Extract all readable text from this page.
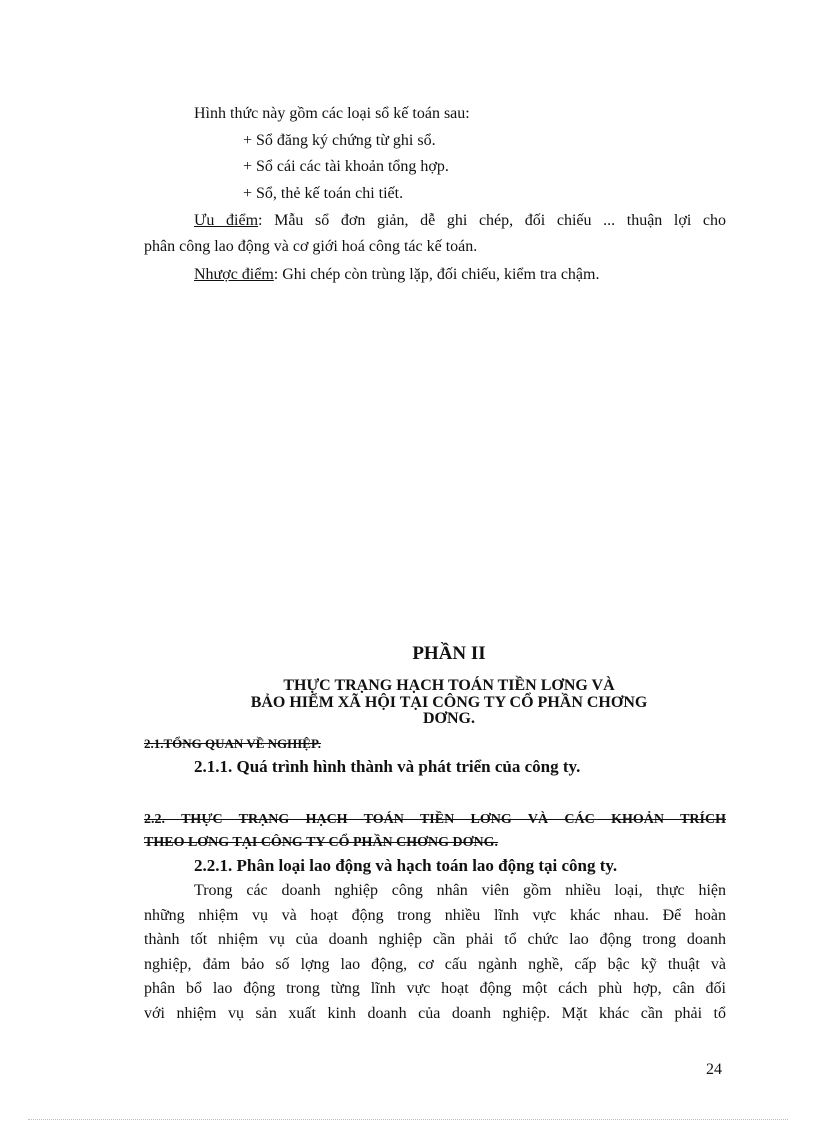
Hình thức này gồm các loại sổ kế toán sau:
+ Sổ đăng ký chứng từ ghi sổ.
+ Sổ cái các tài khoản tổng hợp.
+ Sổ, thẻ kế toán chi tiết.
Ưu điểm: Mẫu sổ đơn giản, dễ ghi chép, đối chiếu ... thuận lợi cho
phân công lao động và cơ giới hoá công tác kế toán.
Nhược điểm: Ghi chép còn trùng lặp, đối chiếu, kiểm tra chậm.
PHẦN II
THỰC TRẠNG HẠCH TOÁN TIỀN LƠNG VÀ
BẢO HIỂM XÃ HỘI TẠI CÔNG TY CỔ PHẦN CHƠNG
DƠNG.
2.1.TỔNG QUAN VỀ NGHIỆP.
2.1.1. Quá trình hình thành và phát triển của công ty.
2.2. THỰC TRẠNG HẠCH TOÁN TIỀN LƠNG VÀ CÁC KHOẢN TRÍCH
THEO LƠNG TẠI CÔNG TY CỔ PHẦN CHƠNG DƠNG.
2.2.1. Phân loại lao động và hạch toán lao động tại công ty.
Trong các doanh nghiệp công nhân viên gồm nhiều loại, thực hiện
những nhiệm vụ và hoạt động trong nhiều lĩnh vực khác nhau. Để hoàn
thành tốt nhiệm vụ của doanh nghiệp cần phải tổ chức lao động trong doanh
nghiệp, đảm bảo số lợng lao động, cơ cấu ngành nghề, cấp bậc kỹ thuật và
phân bổ lao động trong từng lĩnh vực hoạt động một cách phù hợp, cân đối
với nhiệm vụ sản xuất kinh doanh của doanh nghiệp. Mặt khác cần phải tổ
24
